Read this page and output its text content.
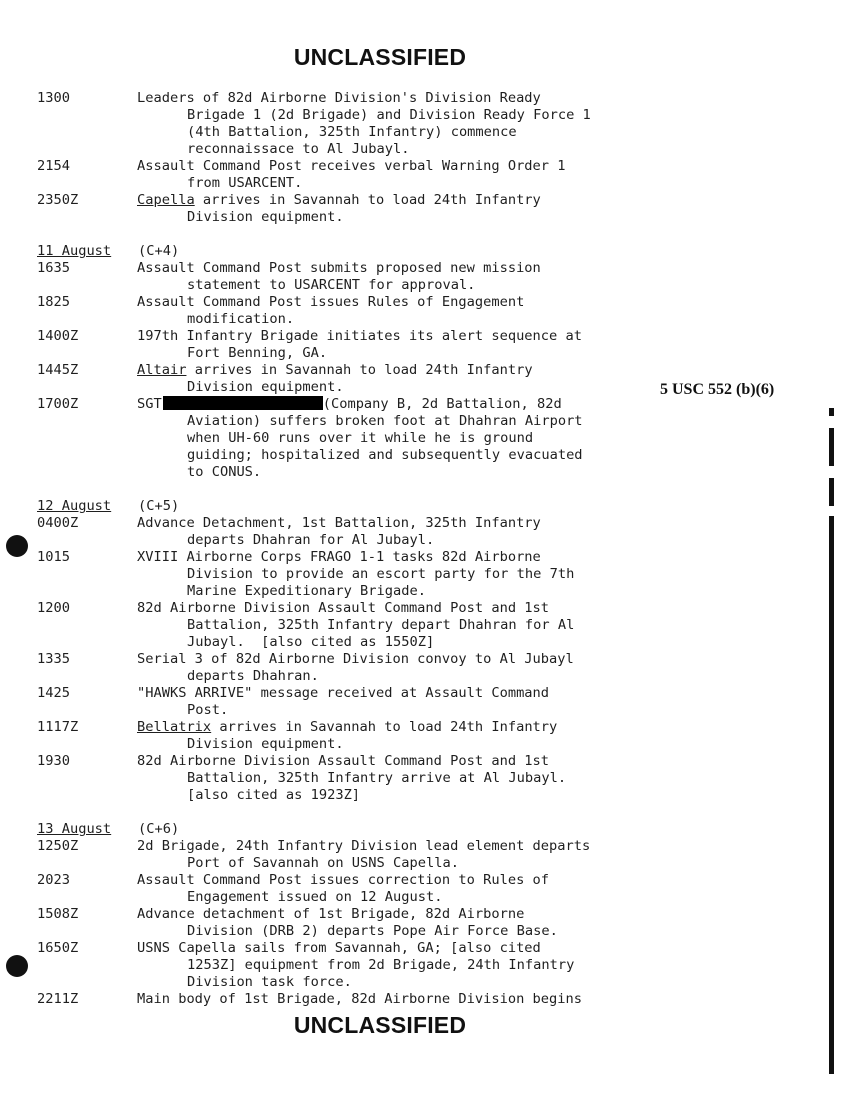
UNCLASSIFIED
1300	Leaders of 82d Airborne Division's Division Ready
Brigade 1 (2d Brigade) and Division Ready Force 1
(4th Battalion, 325th Infantry) commence
reconnaissace to Al Jubayl.
2154	Assault Command Post receives verbal Warning Order 1
from USARCENT.
2350Z	Capella arrives in Savannah to load 24th Infantry
Division equipment.
11 August	(C+4)
1635	Assault Command Post submits proposed new mission
statement to USARCENT for approval.
1825	Assault Command Post issues Rules of Engagement
modification.
1400Z	197th Infantry Brigade initiates its alert sequence at
Fort Benning, GA.
1445Z	Altair arrives in Savannah to load 24th Infantry
Division equipment.
1700Z	SGT	(Company B, 2d Battalion, 82d
Aviation) suffers broken foot at Dhahran Airport
when UH-60 runs over it while he is ground
guiding; hospitalized and subsequently evacuated
to CONUS.
12 August	(C+5)
0400Z	Advance Detachment, 1st Battalion, 325th Infantry
departs Dhahran for Al Jubayl.
1015	XVIII Airborne Corps FRAGO 1-1 tasks 82d Airborne
Division to provide an escort party for the 7th
Marine Expeditionary Brigade.
1200	82d Airborne Division Assault Command Post and 1st
Battalion, 325th Infantry depart Dhahran for Al
Jubayl.  [also cited as 1550Z]
1335	Serial 3 of 82d Airborne Division convoy to Al Jubayl
departs Dhahran.
1425	"HAWKS ARRIVE" message received at Assault Command
Post.
1117Z	Bellatrix arrives in Savannah to load 24th Infantry
Division equipment.
1930	82d Airborne Division Assault Command Post and 1st
Battalion, 325th Infantry arrive at Al Jubayl.
[also cited as 1923Z]
13 August	(C+6)
1250Z	2d Brigade, 24th Infantry Division lead element departs
Port of Savannah on USNS Capella.
2023	Assault Command Post issues correction to Rules of
Engagement issued on 12 August.
1508Z	Advance detachment of 1st Brigade, 82d Airborne
Division (DRB 2) departs Pope Air Force Base.
1650Z	USNS Capella sails from Savannah, GA; [also cited
1253Z] equipment from 2d Brigade, 24th Infantry
Division task force.
2211Z	Main body of 1st Brigade, 82d Airborne Division begins
5 USC 552 (b)(6)
UNCLASSIFIED
